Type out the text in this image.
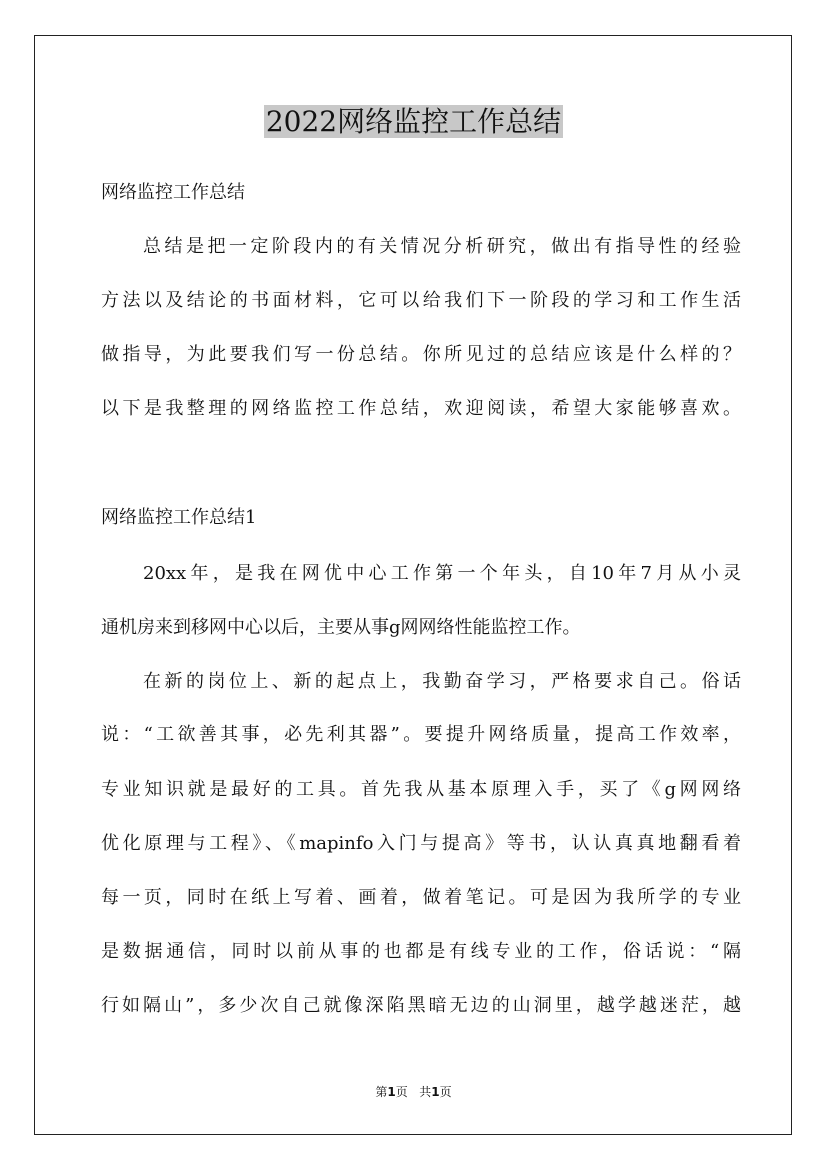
2022网络监控工作总结
网络监控工作总结
总结是把一定阶段内的有关情况分析研究，做出有指导性的经验
方法以及结论的书面材料，它可以给我们下一阶段的学习和工作生活
做指导，为此要我们写一份总结。你所见过的总结应该是什么样的？
以下是我整理的网络监控工作总结，欢迎阅读，希望大家能够喜欢。
网络监控工作总结1
20xx年，是我在网优中心工作第一个年头，自10年7月从小灵
通机房来到移网中心以后，主要从事g网网络性能监控工作。
在新的岗位上、新的起点上，我勤奋学习，严格要求自己。俗话
说：“工欲善其事，必先利其器”。要提升网络质量，提高工作效率，
专业知识就是最好的工具。首先我从基本原理入手，买了《g网网络
优化原理与工程》、《mapinfo入门与提高》等书，认认真真地翻看着
每一页，同时在纸上写着、画着，做着笔记。可是因为我所学的专业
是数据通信，同时以前从事的也都是有线专业的工作，俗话说：“隔
行如隔山”，多少次自己就像深陷黑暗无边的山洞里，越学越迷茫，越
第1页   共1页
